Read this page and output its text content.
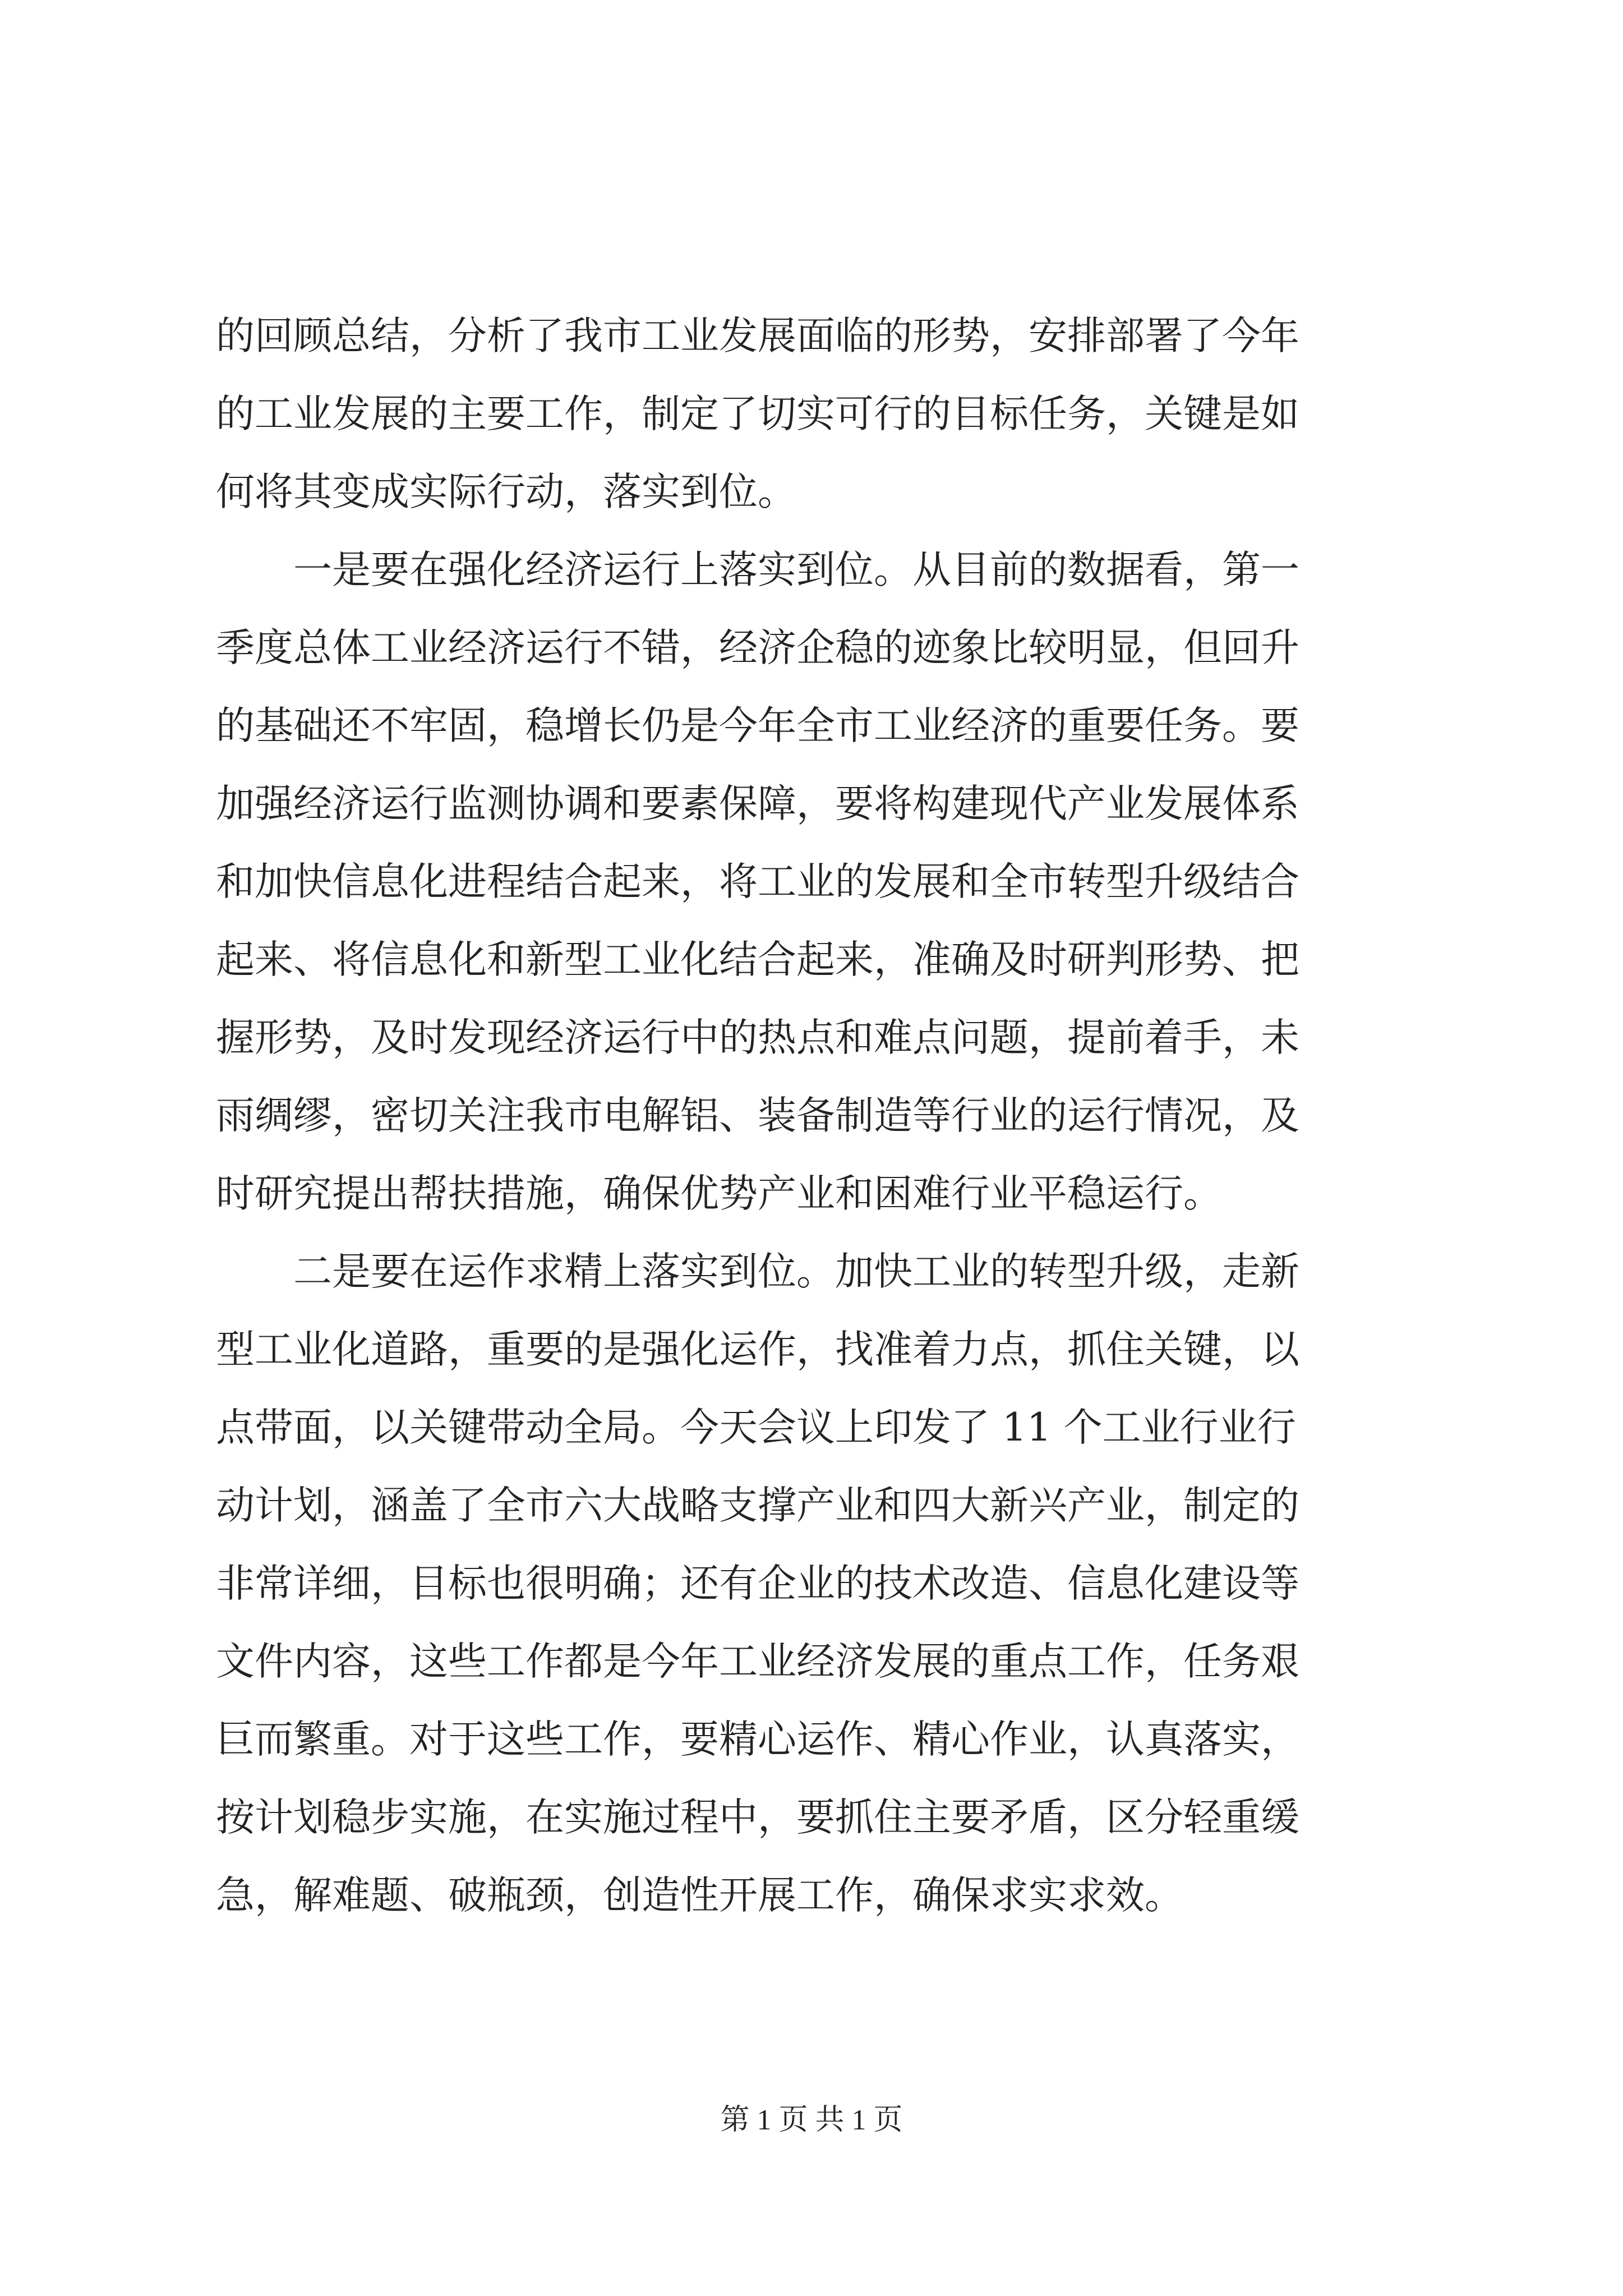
的回顾总结，分析了我市工业发展面临的形势，安排部署了今年
的工业发展的主要工作，制定了切实可行的目标任务，关键是如
何将其变成实际行动，落实到位。
　　一是要在强化经济运行上落实到位。从目前的数据看，第一
季度总体工业经济运行不错，经济企稳的迹象比较明显，但回升
的基础还不牢固，稳增长仍是今年全市工业经济的重要任务。要
加强经济运行监测协调和要素保障，要将构建现代产业发展体系
和加快信息化进程结合起来，将工业的发展和全市转型升级结合
起来、将信息化和新型工业化结合起来，准确及时研判形势、把
握形势，及时发现经济运行中的热点和难点问题，提前着手，未
雨绸缪，密切关注我市电解铝、装备制造等行业的运行情况，及
时研究提出帮扶措施，确保优势产业和困难行业平稳运行。
　　二是要在运作求精上落实到位。加快工业的转型升级，走新
型工业化道路，重要的是强化运作，找准着力点，抓住关键，以
点带面，以关键带动全局。今天会议上印发了 11 个工业行业行
动计划，涵盖了全市六大战略支撑产业和四大新兴产业，制定的
非常详细，目标也很明确；还有企业的技术改造、信息化建设等
文件内容，这些工作都是今年工业经济发展的重点工作，任务艰
巨而繁重。对于这些工作，要精心运作、精心作业，认真落实，
按计划稳步实施，在实施过程中，要抓住主要矛盾，区分轻重缓
急，解难题、破瓶颈，创造性开展工作，确保求实求效。
第 1 页 共 1 页
